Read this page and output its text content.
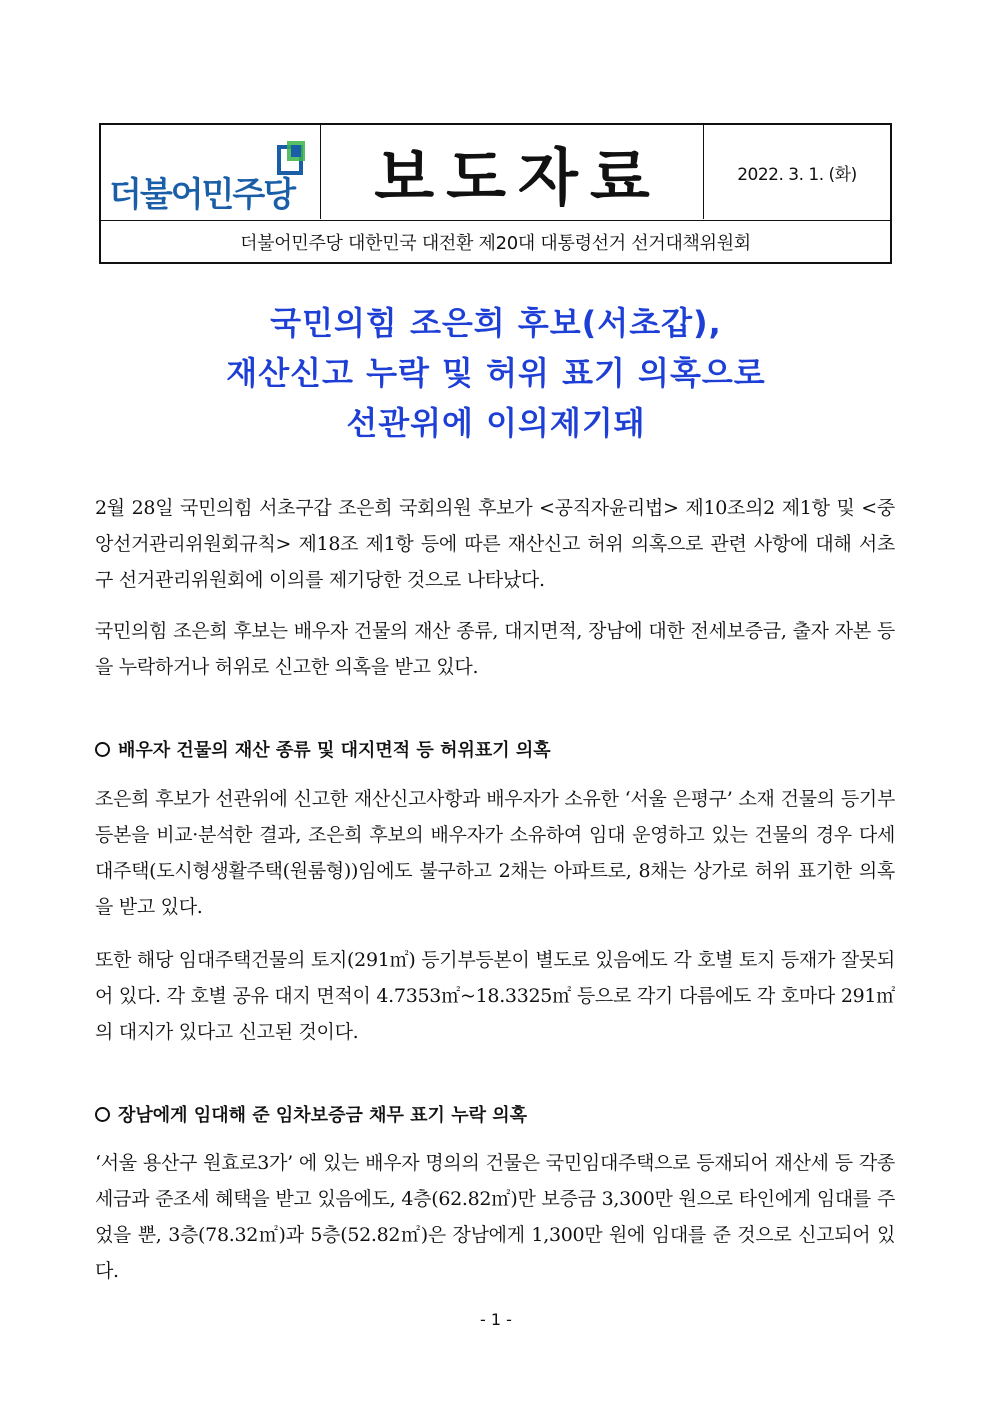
더불어민주당 보도자료	2022. 3. 1. (화)
더불어민주당 대한민국 대전환 제20대 대통령선거 선거대책위원회
국민의힘 조은희 후보(서초갑),
재산신고 누락 및 허위 표기 의혹으로
선관위에 이의제기돼
2월 28일 국민의힘 서초구갑 조은희 국회의원 후보가 <공직자윤리법> 제10조의2 제1항 및 <중앙선거관리위원회규칙> 제18조 제1항 등에 따른 재산신고 허위 의혹으로 관련 사항에 대해 서초구 선거관리위원회에 이의를 제기당한 것으로 나타났다.
국민의힘 조은희 후보는 배우자 건물의 재산 종류, 대지면적, 장남에 대한 전세보증금, 출자 자본 등을 누락하거나 허위로 신고한 의혹을 받고 있다.
배우자 건물의 재산 종류 및 대지면적 등 허위표기 의혹
조은희 후보가 선관위에 신고한 재산신고사항과 배우자가 소유한 ‘서울 은평구’ 소재 건물의 등기부등본을 비교·분석한 결과, 조은희 후보의 배우자가 소유하여 임대 운영하고 있는 건물의 경우 다세대주택(도시형생활주택(원룸형))임에도 불구하고 2채는 아파트로, 8채는 상가로 허위 표기한 의혹을 받고 있다.
또한 해당 임대주택건물의 토지(291㎡) 등기부등본이 별도로 있음에도 각 호별 토지 등재가 잘못되어 있다. 각 호별 공유 대지 면적이 4.7353㎡~18.3325㎡ 등으로 각기 다름에도 각 호마다 291㎡의 대지가 있다고 신고된 것이다.
장남에게 임대해 준 임차보증금 채무 표기 누락 의혹
‘서울 용산구 원효로3가’ 에 있는 배우자 명의의 건물은 국민임대주택으로 등재되어 재산세 등 각종 세금과 준조세 혜택을 받고 있음에도, 4층(62.82㎡)만 보증금 3,300만 원으로 타인에게 임대를 주었을 뿐, 3층(78.32㎡)과 5층(52.82㎡)은 장남에게 1,300만 원에 임대를 준 것으로 신고되어 있다.
- 1 -
